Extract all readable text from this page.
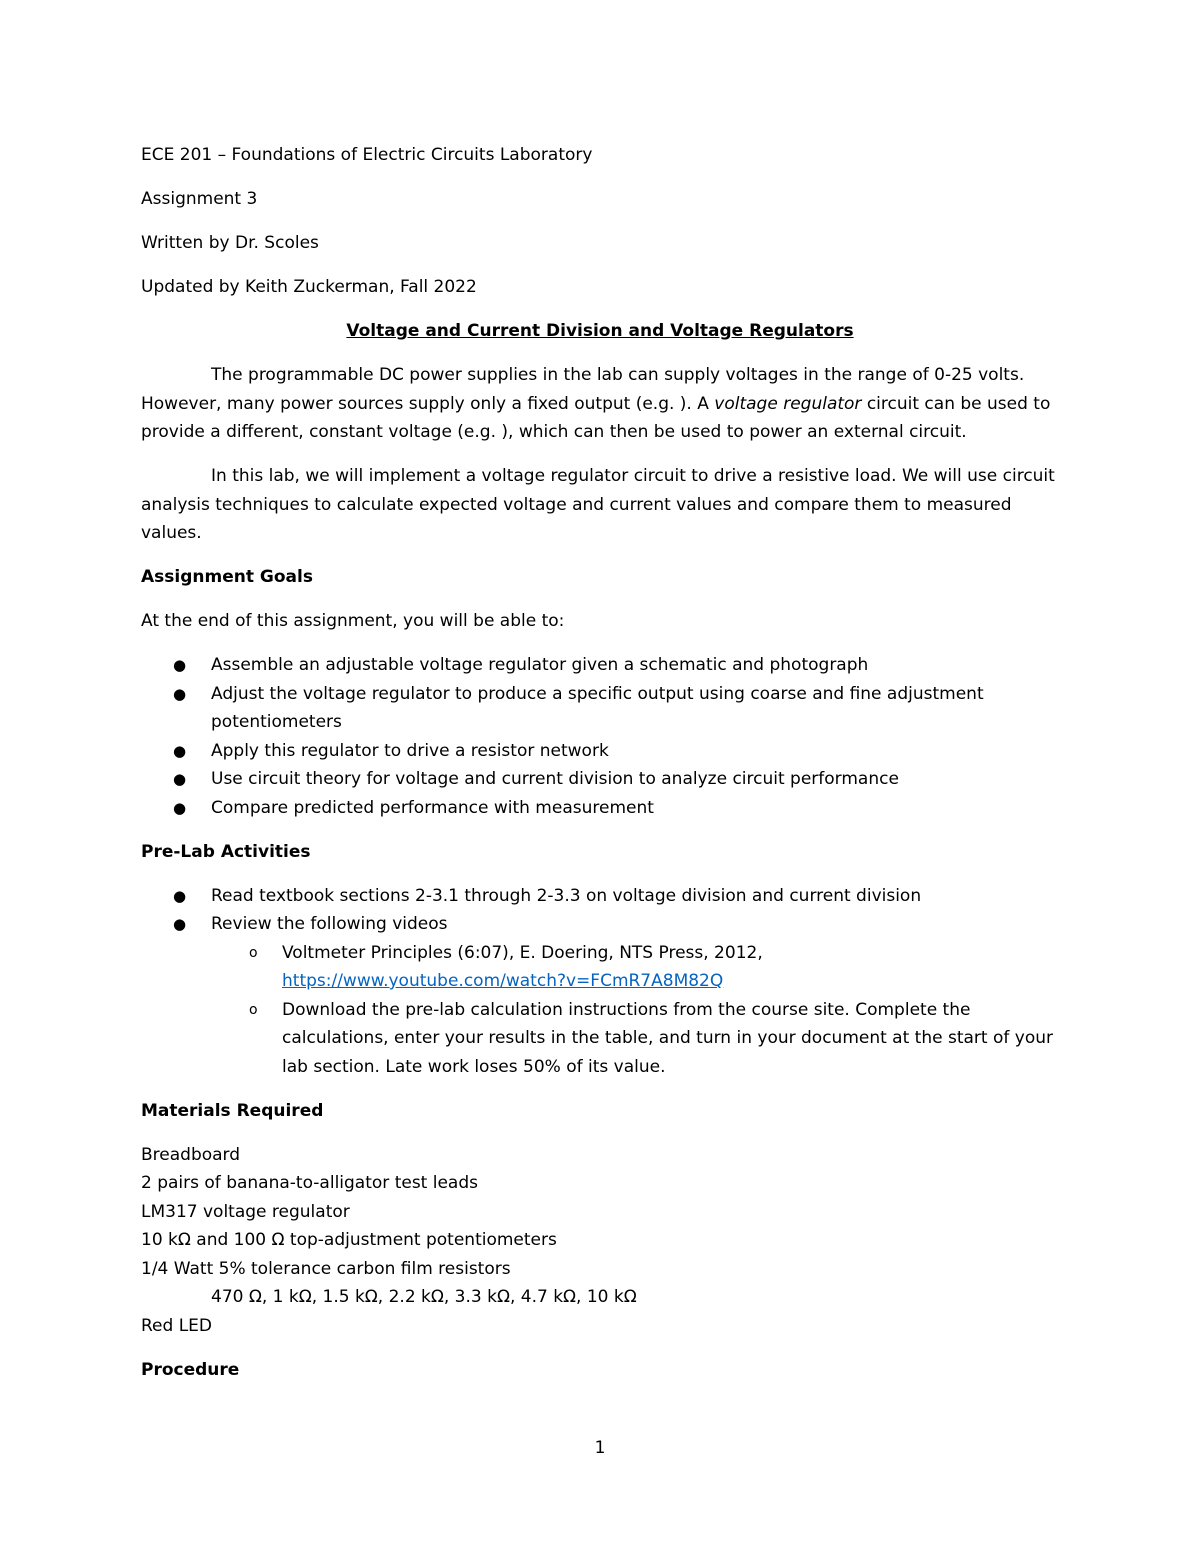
ECE 201 – Foundations of Electric Circuits Laboratory

Assignment 3

Written by Dr. Scoles

Updated by Keith Zuckerman, Fall 2022

Voltage and Current Division and Voltage Regulators

The programmable DC power supplies in the lab can supply voltages in the range of 0-25 volts. However, many power sources supply only a fixed output (e.g. ). A voltage regulator circuit can be used to provide a different, constant voltage (e.g. ), which can then be used to power an external circuit.

In this lab, we will implement a voltage regulator circuit to drive a resistive load. We will use circuit analysis techniques to calculate expected voltage and current values and compare them to measured values.

Assignment Goals

At the end of this assignment, you will be able to:

● Assemble an adjustable voltage regulator given a schematic and photograph
● Adjust the voltage regulator to produce a specific output using coarse and fine adjustment potentiometers
● Apply this regulator to drive a resistor network
● Use circuit theory for voltage and current division to analyze circuit performance
● Compare predicted performance with measurement

Pre-Lab Activities

● Read textbook sections 2-3.1 through 2-3.3 on voltage division and current division
● Review the following videos
o Voltmeter Principles (6:07), E. Doering, NTS Press, 2012,
https://www.youtube.com/watch?v=FCmR7A8M82Q
o Download the pre-lab calculation instructions from the course site. Complete the calculations, enter your results in the table, and turn in your document at the start of your lab section. Late work loses 50% of its value.

Materials Required

Breadboard
2 pairs of banana-to-alligator test leads
LM317 voltage regulator
10 kΩ and 100 Ω top-adjustment potentiometers
1/4 Watt 5% tolerance carbon film resistors
470 Ω, 1 kΩ, 1.5 kΩ, 2.2 kΩ, 3.3 kΩ, 4.7 kΩ, 10 kΩ
Red LED

Procedure

1
